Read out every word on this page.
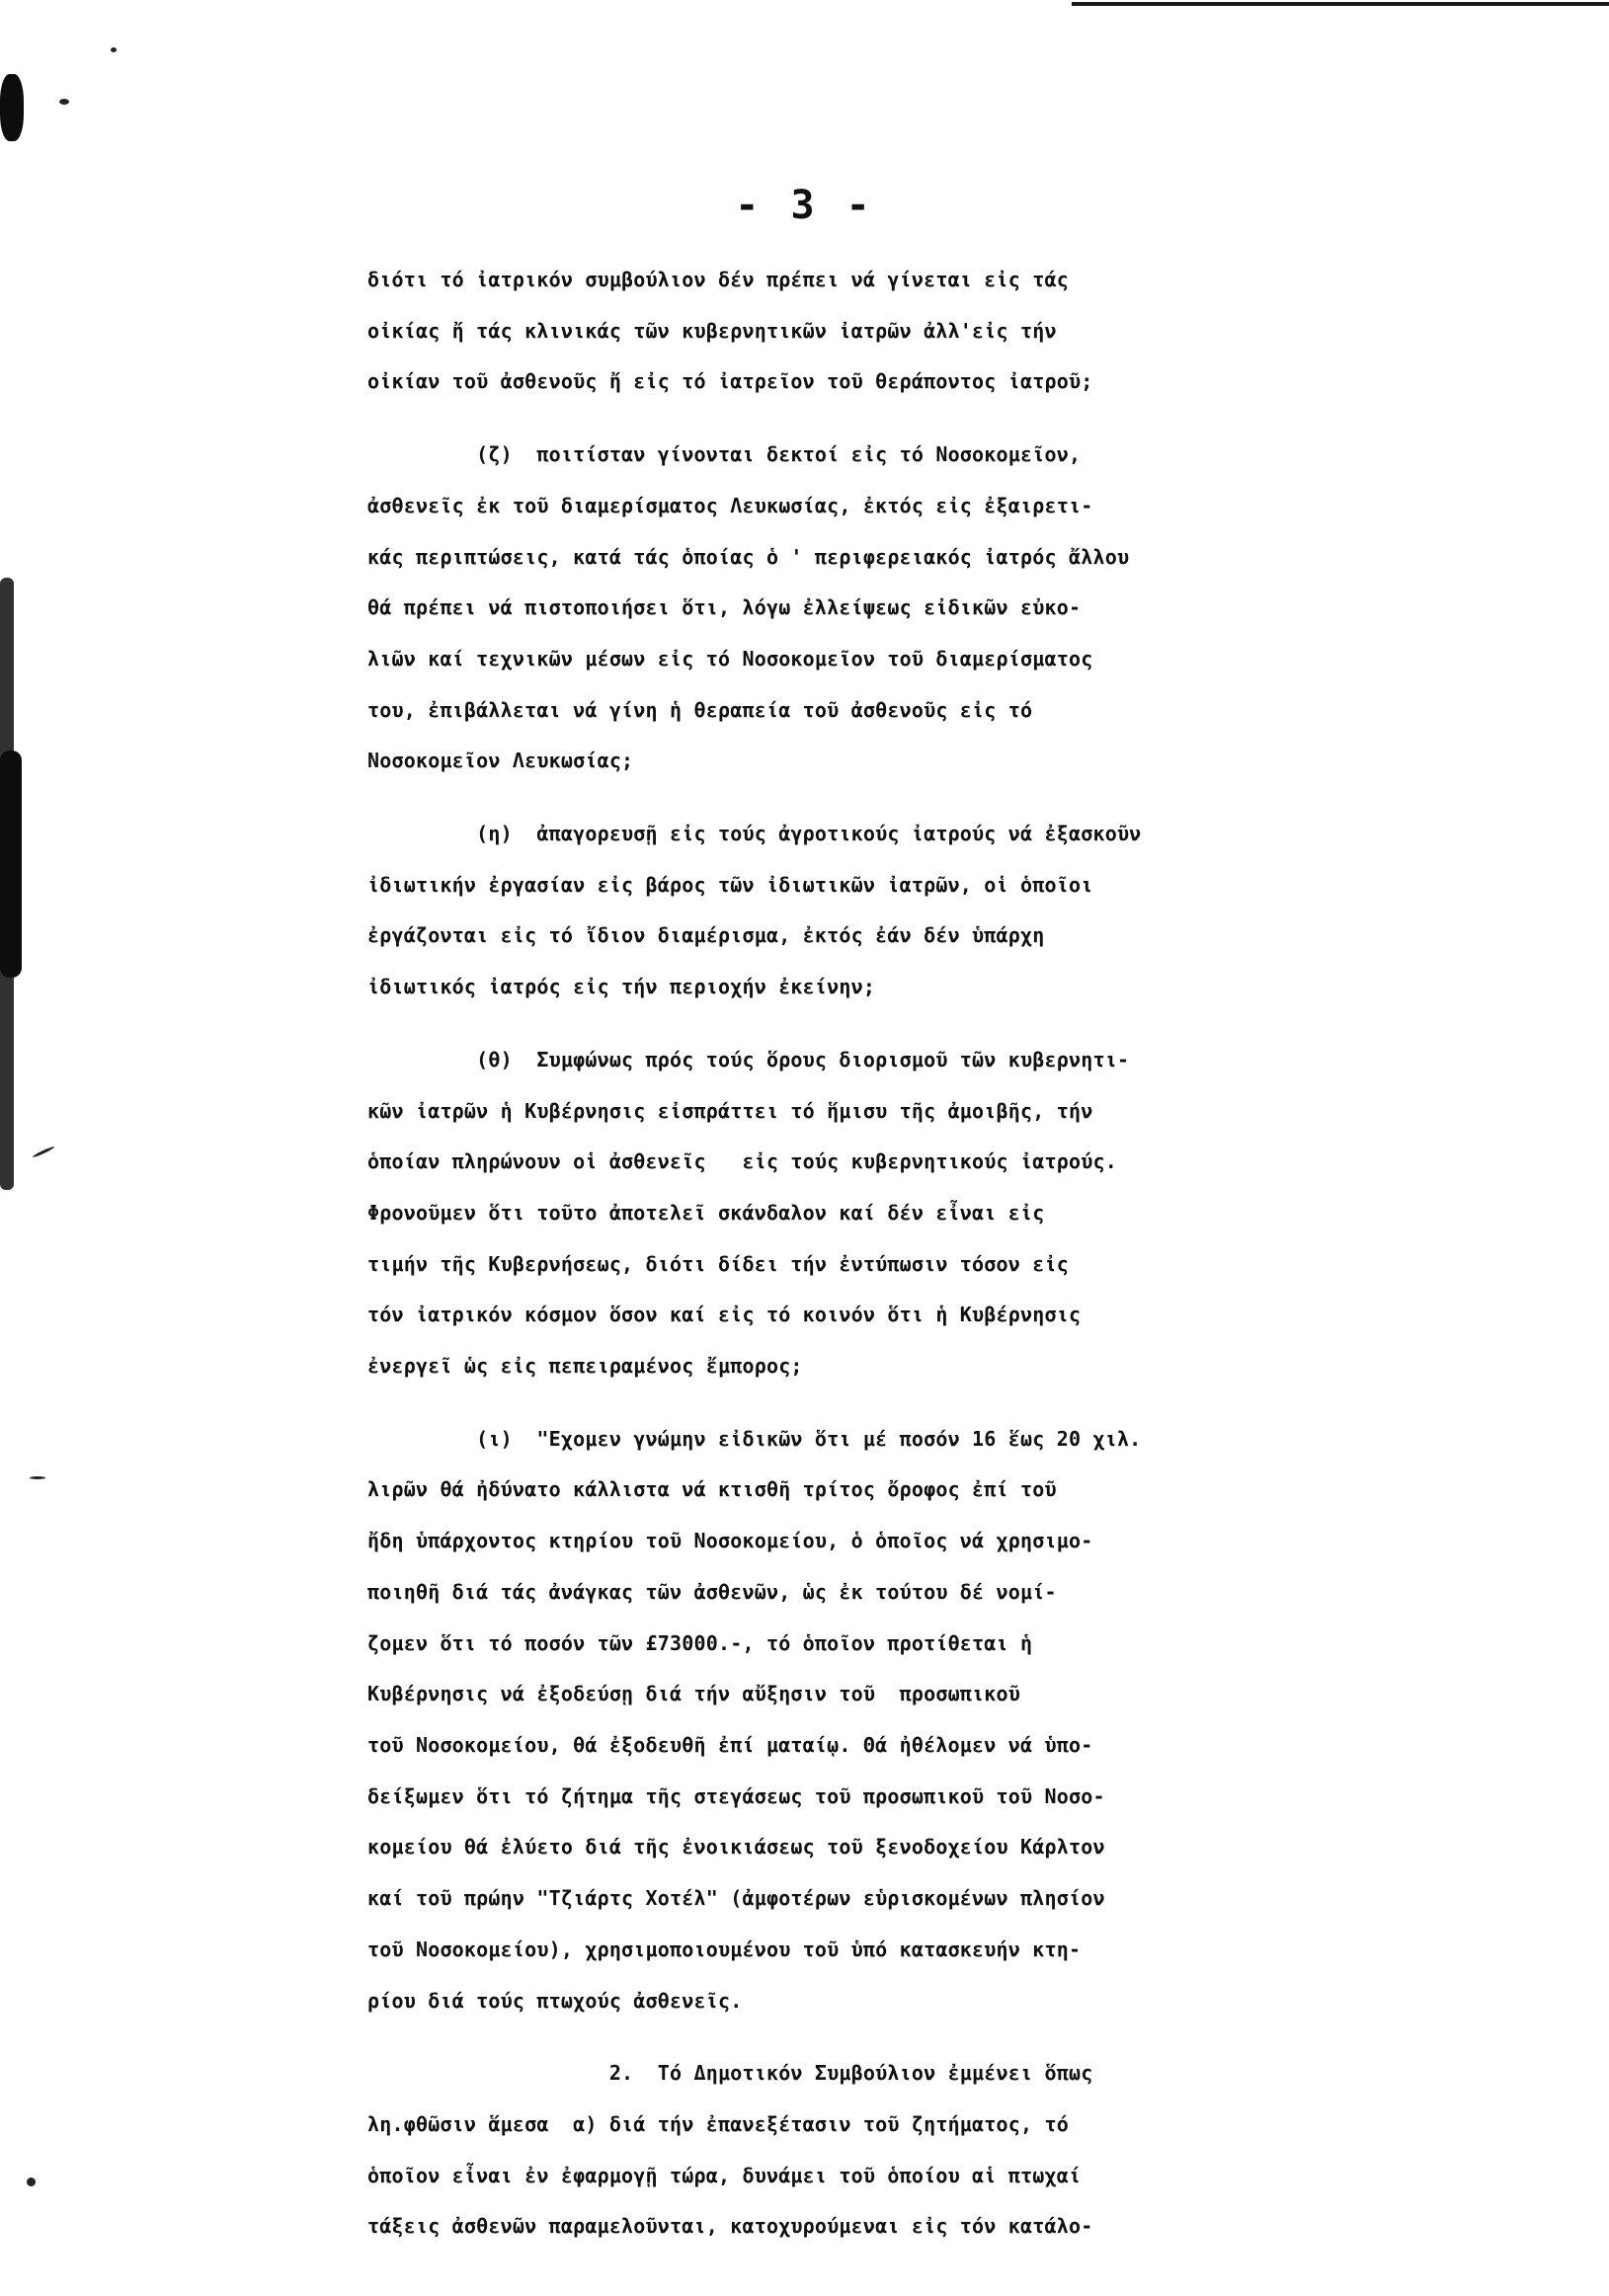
- 3 -
διότι τό ἰατρικόν συμβούλιον δέν πρέπει νά γίνεται εἰς τάς
οἰκίας ἤ τάς κλινικάς τῶν κυβερνητικῶν ἰατρῶν ἀλλ'εἰς τήν
οἰκίαν τοῦ ἀσθενοῦς ἤ εἰς τό ἰατρεῖον τοῦ θεράποντος ἰατροῦ;
(ζ)  ποιτίσταν γίνονται δεκτοί εἰς τό Νοσοκομεῖον,
ἀσθενεῖς ἐκ τοῦ διαμερίσματος Λευκωσίας, ἐκτός εἰς ἐξαιρετι-
κάς περιπτώσεις, κατά τάς ὁποίας ὁ ' περιφερειακός ἰατρός ἄλλου
θά πρέπει νά πιστοποιήσει ὅτι, λόγω ἐλλείψεως εἰδικῶν εὐκο-
λιῶν καί τεχνικῶν μέσων εἰς τό Νοσοκομεῖον τοῦ διαμερίσματος
του, ἐπιβάλλεται νά γίνη ἡ θεραπεία τοῦ ἀσθενοῦς εἰς τό
Νοσοκομεῖον Λευκωσίας;
(η)  ἀπαγορευσῇ εἰς τούς ἀγροτικούς ἰατρούς νά ἐξασκοῦν
ἰδιωτικήν ἐργασίαν εἰς βάρος τῶν ἰδιωτικῶν ἰατρῶν, οἱ ὁποῖοι
ἐργάζονται εἰς τό ἴδιον διαμέρισμα, ἐκτός ἐάν δέν ὑπάρχη
ἰδιωτικός ἰατρός εἰς τήν περιοχήν ἐκείνην;
(θ)  Συμφώνως πρός τούς ὅρους διορισμοῦ τῶν κυβερνητι-
κῶν ἰατρῶν ἡ Κυβέρνησις εἰσπράττει τό ἥμισυ τῆς ἀμοιβῆς, τήν
ὁποίαν πληρώνουν οἱ ἀσθενεῖς   εἰς τούς κυβερνητικούς ἰατρούς.
Φρονοῦμεν ὅτι τοῦτο ἀποτελεῖ σκάνδαλον καί δέν εἶναι εἰς
τιμήν τῆς Κυβερνήσεως, διότι δίδει τήν ἐντύπωσιν τόσον εἰς
τόν ἰατρικόν κόσμον ὅσον καί εἰς τό κοινόν ὅτι ἡ Κυβέρνησις
ἐνεργεῖ ὡς εἰς πεπειραμένος ἔμπορος;
(ι)  "Εχομεν γνώμην εἰδικῶν ὅτι μέ ποσόν 16 ἕως 20 χιλ.
λιρῶν θά ἠδύνατο κάλλιστα νά κτισθῆ τρίτος ὄροφος ἐπί τοῦ
ἤδη ὑπάρχοντος κτηρίου τοῦ Νοσοκομείου, ὁ ὁποῖος νά χρησιμο-
ποιηθῆ διά τάς ἀνάγκας τῶν ἀσθενῶν, ὡς ἐκ τούτου δέ νομί-
ζομεν ὅτι τό ποσόν τῶν £73000.-, τό ὁποῖον προτίθεται ἡ
Κυβέρνησις νά ἐξοδεύσῃ διά τήν αὔξησιν τοῦ  προσωπικοῦ
τοῦ Νοσοκομείου, θά ἐξοδευθῆ ἐπί ματαίῳ. Θά ἠθέλομεν νά ὑπο-
δείξωμεν ὅτι τό ζήτημα τῆς στεγάσεως τοῦ προσωπικοῦ τοῦ Νοσο-
κομείου θά ἐλύετο διά τῆς ἐνοικιάσεως τοῦ ξενοδοχείου Κάρλτον
καί τοῦ πρώην "Τζιάρτς Χοτέλ" (ἀμφοτέρων εὑρισκομένων πλησίον
τοῦ Νοσοκομείου), χρησιμοποιουμένου τοῦ ὑπό κατασκευήν κτη-
ρίου διά τούς πτωχούς ἀσθενεῖς.
2.  Τό Δημοτικόν Συμβούλιον ἐμμένει ὅπως
λη.φθῶσιν ἅμεσα  α) διά τήν ἐπανεξέτασιν τοῦ ζητήματος, τό
ὁποῖον εἶναι ἐν ἐφαρμογῇ τώρα, δυνάμει τοῦ ὁποίου αἱ πτωχαί
τάξεις ἀσθενῶν παραμελοῦνται, κατοχυρούμεναι εἰς τόν κατάλο-
